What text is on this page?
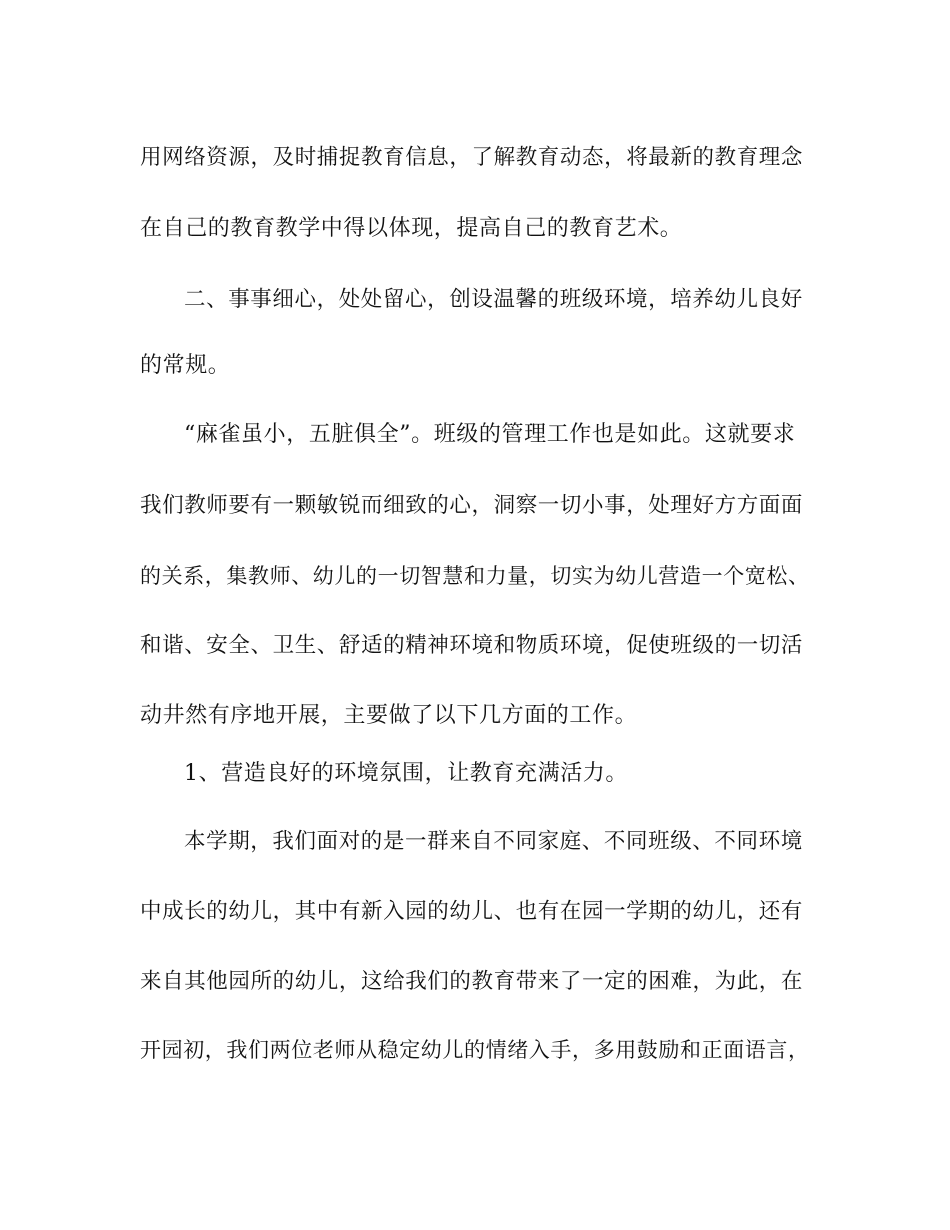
用网络资源，及时捕捉教育信息，了解教育动态，将最新的教育理念
在自己的教育教学中得以体现，提高自己的教育艺术。
二、事事细心，处处留心，创设温馨的班级环境，培养幼儿良好
的常规。
“麻雀虽小，五脏俱全”。班级的管理工作也是如此。这就要求
我们教师要有一颗敏锐而细致的心，洞察一切小事，处理好方方面面
的关系，集教师、幼儿的一切智慧和力量，切实为幼儿营造一个宽松、
和谐、安全、卫生、舒适的精神环境和物质环境，促使班级的一切活
动井然有序地开展，主要做了以下几方面的工作。
1、营造良好的环境氛围，让教育充满活力。
本学期，我们面对的是一群来自不同家庭、不同班级、不同环境
中成长的幼儿，其中有新入园的幼儿、也有在园一学期的幼儿，还有
来自其他园所的幼儿，这给我们的教育带来了一定的困难，为此，在
开园初，我们两位老师从稳定幼儿的情绪入手，多用鼓励和正面语言，
